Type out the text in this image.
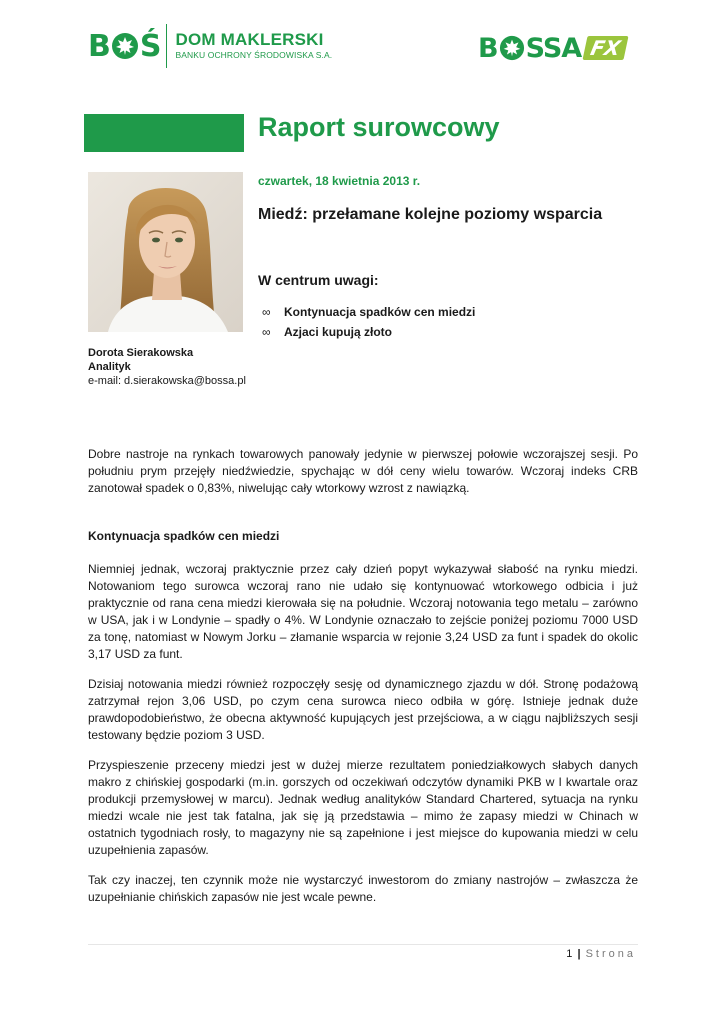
B Ś DOM MAKLERSKI
BANKU OCHRONY ŚRODOWISKA S.A.	B SSA FX
Raport surowcowy
czwartek, 18 kwietnia 2013 r.
Miedź: przełamane kolejne poziomy wsparcia
W centrum uwagi:
∞	Kontynuacja spadków cen miedzi
∞	Azjaci kupują złoto
Dorota Sierakowska
Analityk
e-mail: d.sierakowska@bossa.pl

Dobre nastroje na rynkach towarowych panowały jedynie w pierwszej połowie wczorajszej sesji. Po południu prym przejęły niedźwiedzie, spychając w dół ceny wielu towarów. Wczoraj indeks CRB zanotował spadek o 0,83%, niwelując cały wtorkowy wzrost z nawiązką.

Kontynuacja spadków cen miedzi

Niemniej jednak, wczoraj praktycznie przez cały dzień popyt wykazywał słabość na rynku miedzi. Notowaniom tego surowca wczoraj rano nie udało się kontynuować wtorkowego odbicia i już praktycznie od rana cena miedzi kierowała się na południe. Wczoraj notowania tego metalu – zarówno w USA, jak i w Londynie – spadły o 4%. W Londynie oznaczało to zejście poniżej poziomu 7000 USD za tonę, natomiast w Nowym Jorku – złamanie wsparcia w rejonie 3,24 USD za funt i spadek do okolic 3,17 USD za funt.

Dzisiaj notowania miedzi również rozpoczęły sesję od dynamicznego zjazdu w dół. Stronę podażową zatrzymał rejon 3,06 USD, po czym cena surowca nieco odbiła w górę. Istnieje jednak duże prawdopodobieństwo, że obecna aktywność kupujących jest przejściowa, a w ciągu najbliższych sesji testowany będzie poziom 3 USD.

Przyspieszenie przeceny miedzi jest w dużej mierze rezultatem poniedziałkowych słabych danych makro z chińskiej gospodarki (m.in. gorszych od oczekiwań odczytów dynamiki PKB w I kwartale oraz produkcji przemysłowej w marcu). Jednak według analityków Standard Chartered, sytuacja na rynku miedzi wcale nie jest tak fatalna, jak się ją przedstawia – mimo że zapasy miedzi w Chinach w ostatnich tygodniach rosły, to magazyny nie są zapełnione i jest miejsce do kupowania miedzi w celu uzupełnienia zapasów.

Tak czy inaczej, ten czynnik może nie wystarczyć inwestorom do zmiany nastrojów – zwłaszcza że uzupełnianie chińskich zapasów nie jest wcale pewne.

1 | Strona
